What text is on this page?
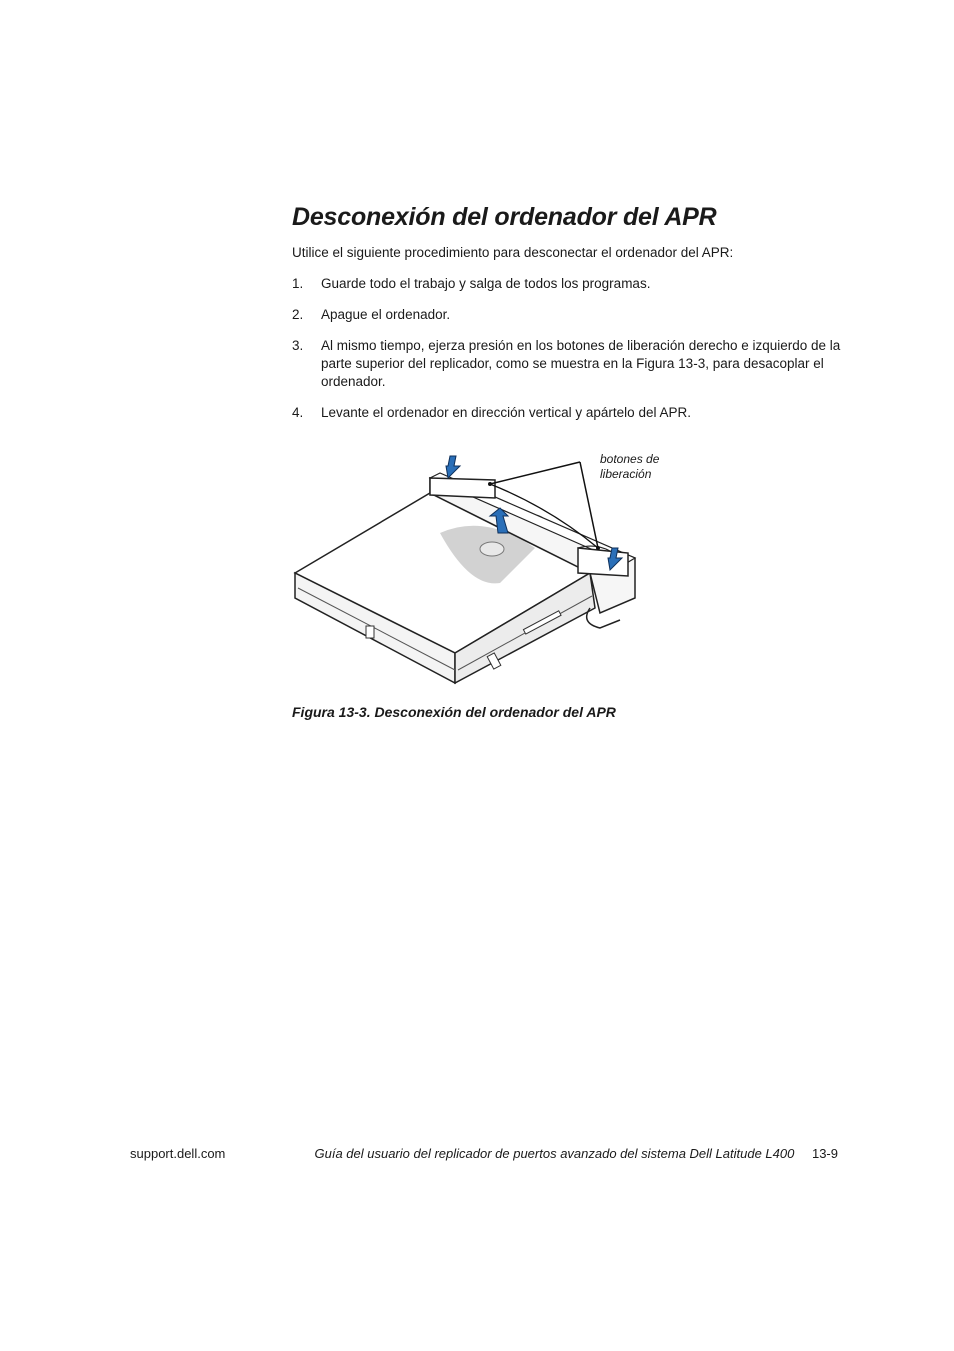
Desconexión del ordenador del APR

Utilice el siguiente procedimiento para desconectar el ordenador del APR:

1. Guarde todo el trabajo y salga de todos los programas.
2. Apague el ordenador.
3. Al mismo tiempo, ejerza presión en los botones de liberación derecho e izquierdo de la parte superior del replicador, como se muestra en la Figura 13-3, para desacoplar el ordenador.
4. Levante el ordenador en dirección vertical y apártelo del APR.
botones de liberación

Figura 13-3. Desconexión del ordenador del APR

support.dell.com	Guía del usuario del replicador de puertos avanzado del sistema Dell Latitude L400 13-9
